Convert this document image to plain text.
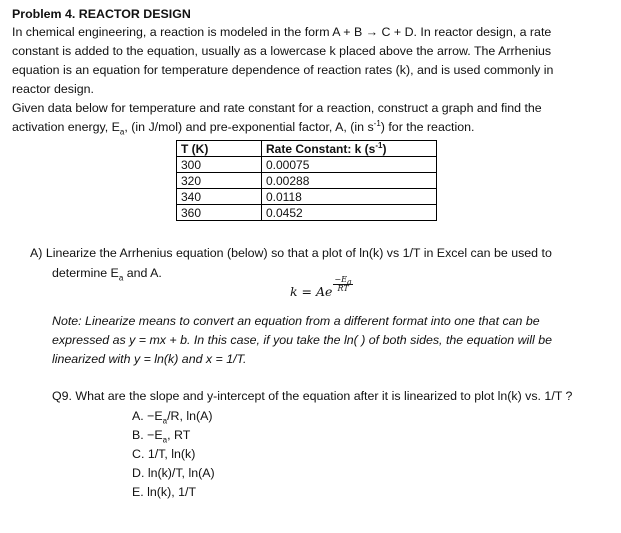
Problem 4. REACTOR DESIGN
In chemical engineering, a reaction is modeled in the form A + B → C + D. In reactor design, a rate
constant is added to the equation, usually as a lowercase k placed above the arrow. The Arrhenius
equation is an equation for temperature dependence of reaction rates (k), and is used commonly in
reactor design.
Given data below for temperature and rate constant for a reaction, construct a graph and find the
activation energy, $E_a$, (in J/mol) and pre-exponential factor, A, (in $s^{-1}$) for the reaction.
T (K)	Rate Constant: k $(s^{-1})$
300	0.00075
320	0.00288
340	0.0118
360	0.0452
A) Linearize the Arrhenius equation (below) so that a plot of ln(k) vs 1/T in Excel can be used to
determine $E_a$ and A.
k = Ae $\frac{-E_a}{RT}$
Note: Linearize means to convert an equation from a different format into one that can be
expressed as y = mx + b. In this case, if you take the ln( ) of both sides, the equation will be
linearized with y = ln(k) and x = 1/T.
Q9. What are the slope and y-intercept of the equation after it is linearized to plot ln(k) vs. 1/T ?
A. $-E_a/R$, ln(A)
B. $-E_a$, RT
C. 1/T, ln(k)
D. ln(k)/T, ln(A)
E. ln(k), 1/T
